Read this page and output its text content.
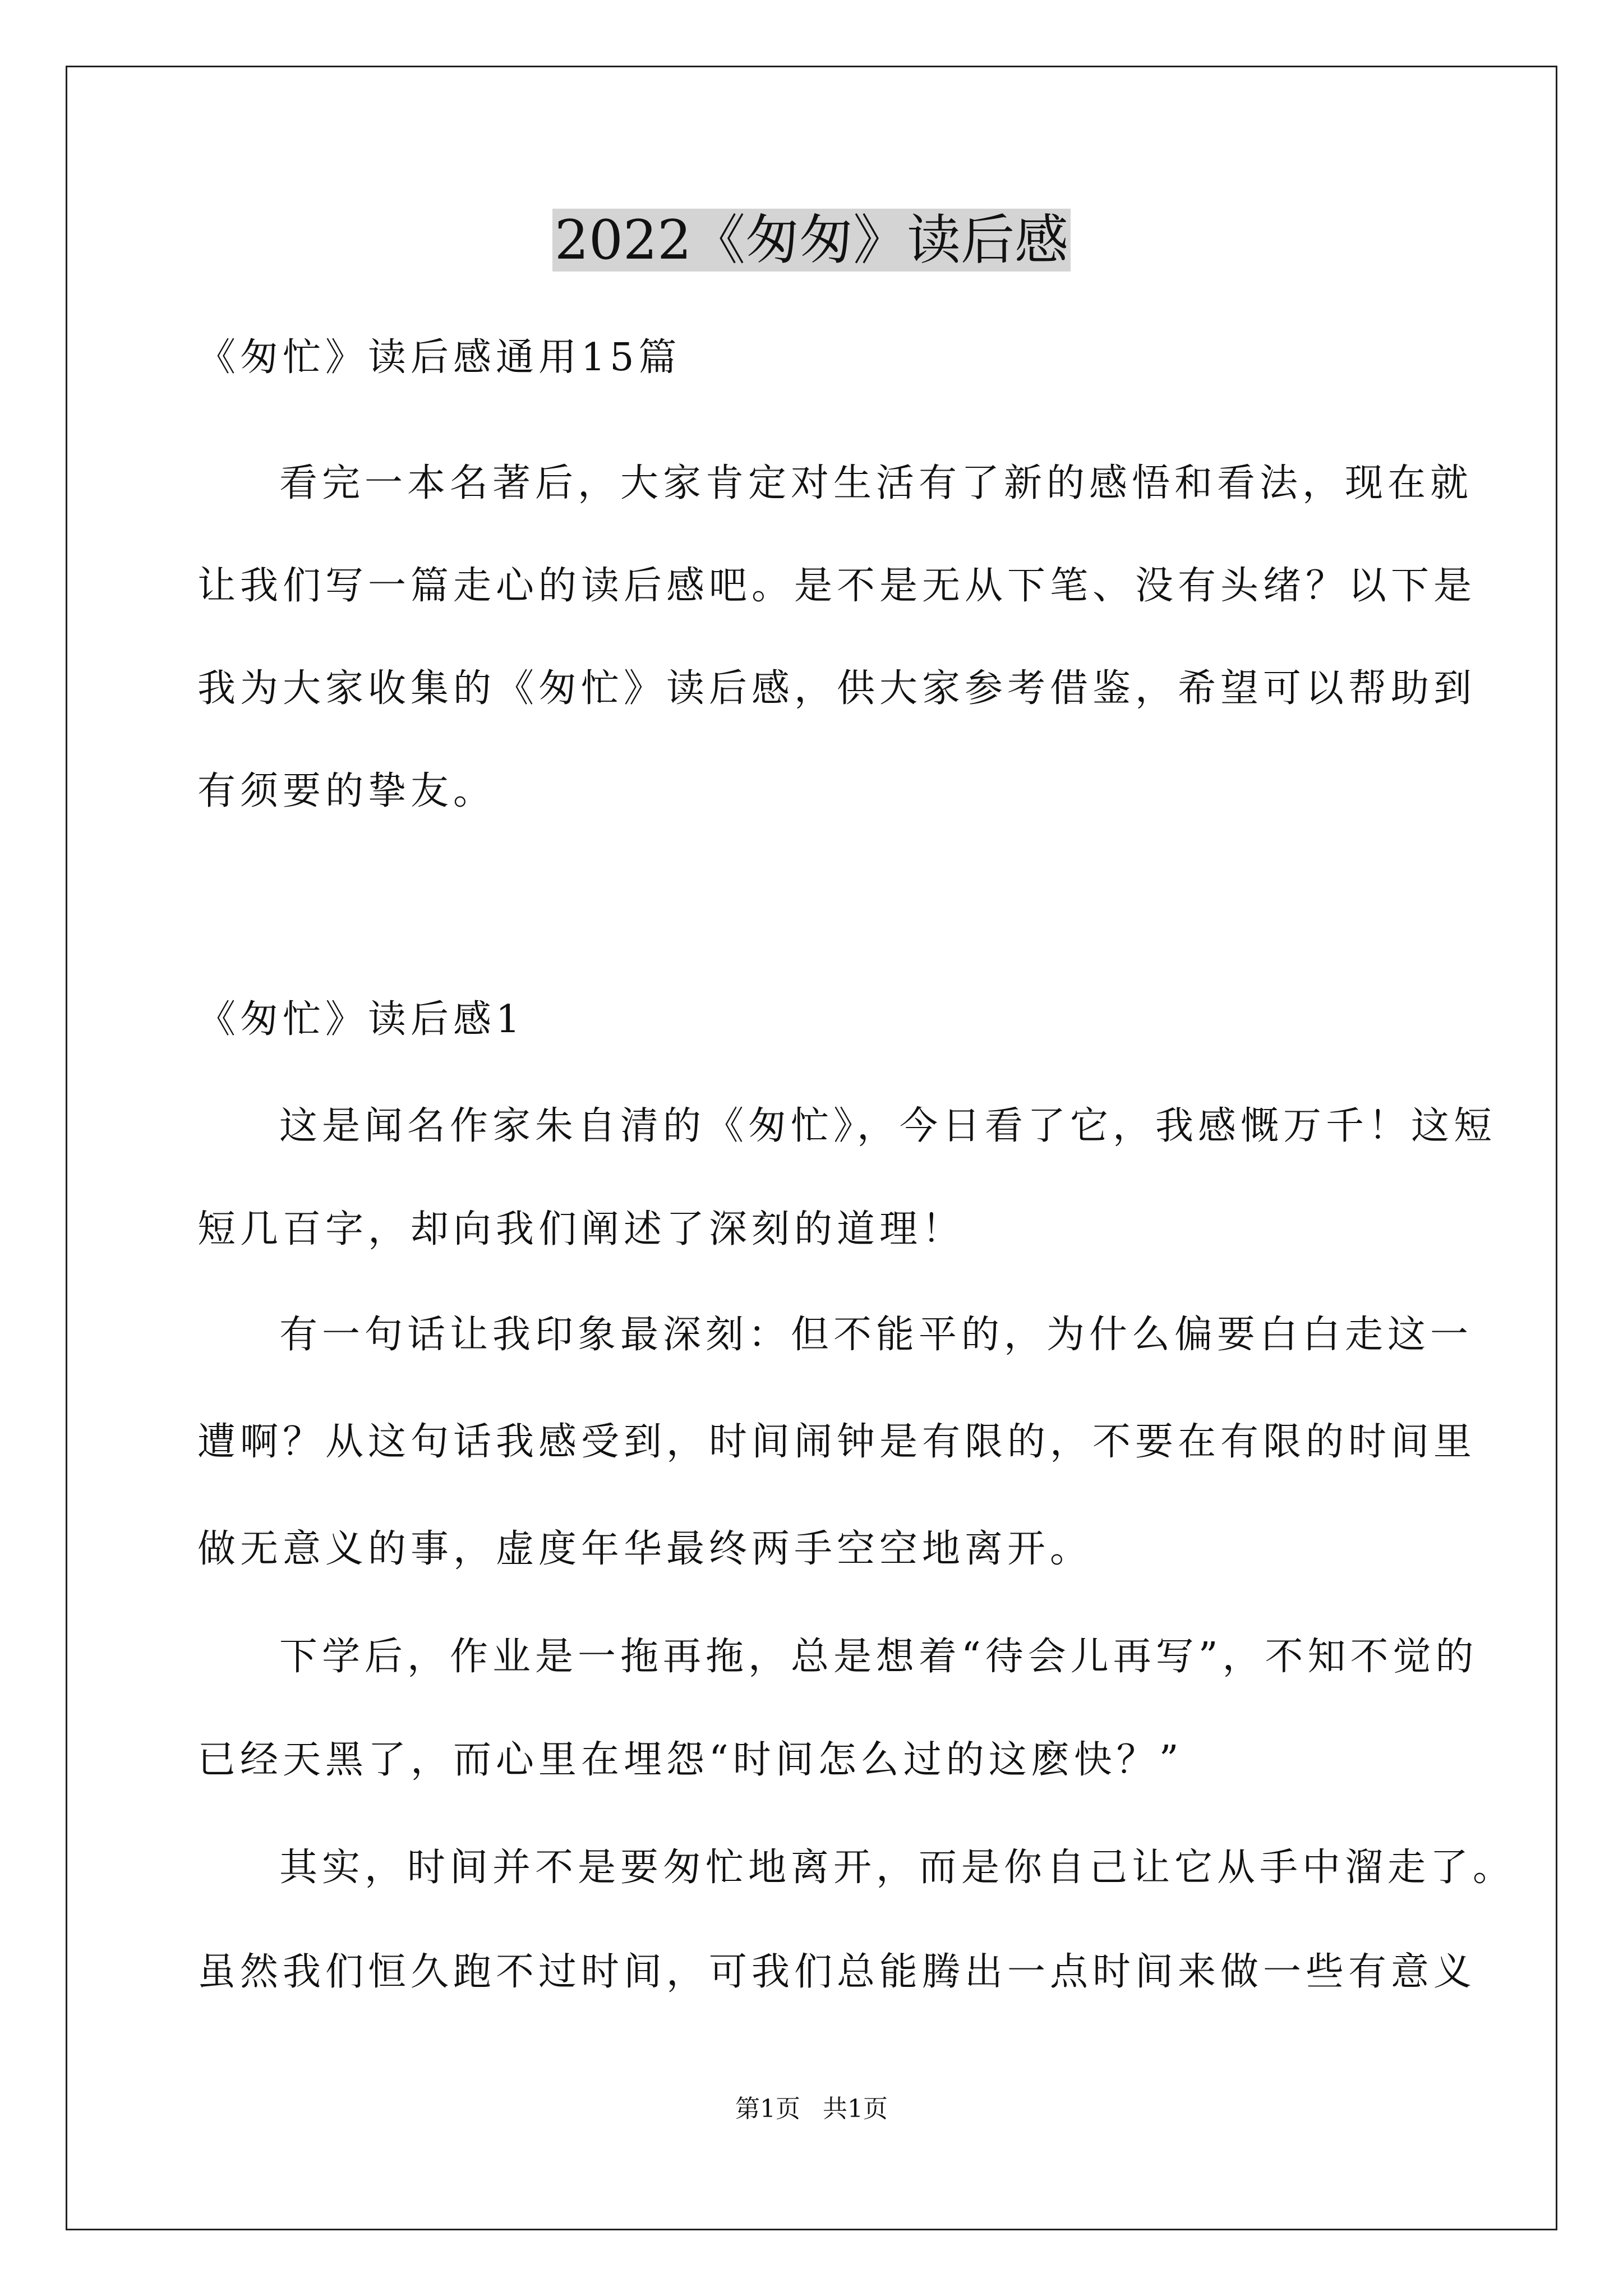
2022《匆匆》读后感
《匆忙》读后感通用15篇
看完一本名著后，大家肯定对生活有了新的感悟和看法，现在就
让我们写一篇走心的读后感吧。是不是无从下笔、没有头绪？以下是
我为大家收集的《匆忙》读后感，供大家参考借鉴，希望可以帮助到
有须要的挚友。
《匆忙》读后感1
这是闻名作家朱自清的《匆忙》，今日看了它，我感慨万千！这短
短几百字，却向我们阐述了深刻的道理！
有一句话让我印象最深刻：但不能平的，为什么偏要白白走这一
遭啊？从这句话我感受到，时间闹钟是有限的，不要在有限的时间里
做无意义的事，虚度年华最终两手空空地离开。
下学后，作业是一拖再拖，总是想着“待会儿再写”，不知不觉的
已经天黑了，而心里在埋怨“时间怎么过的这麽快？”
其实，时间并不是要匆忙地离开，而是你自己让它从手中溜走了。
虽然我们恒久跑不过时间，可我们总能腾出一点时间来做一些有意义
第1页 共1页
